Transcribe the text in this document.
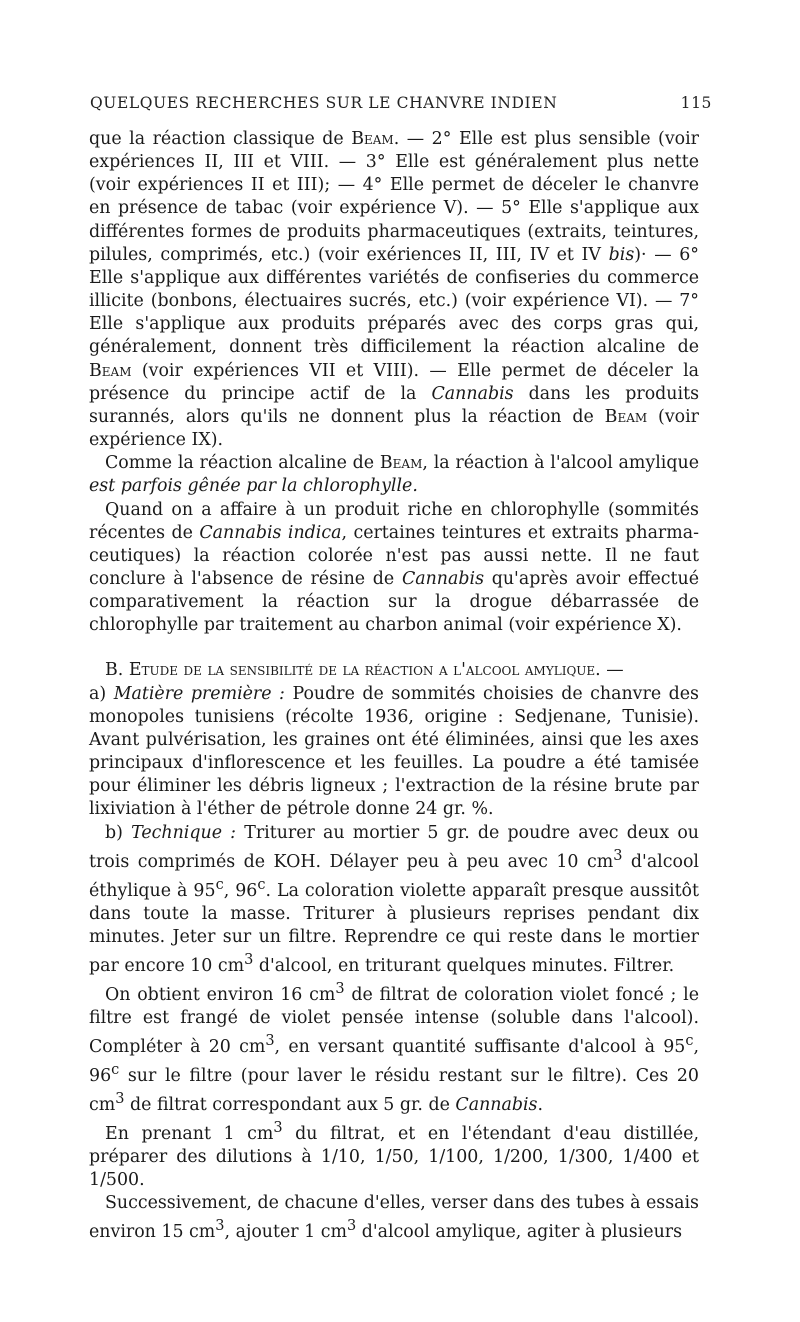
QUELQUES RECHERCHES SUR LE CHANVRE INDIEN	115

que la réaction classique de Beam. — 2° Elle est plus sensible (voir expériences II, III et VIII. — 3° Elle est généralement plus nette (voir expériences II et III); — 4° Elle permet de déceler le chanvre en présence de tabac (voir expérience V). — 5° Elle s'applique aux différentes formes de produits pharmaceutiques (extraits, teintures, pilules, comprimés, etc.) (voir exériences II, III, IV et IV bis)· — 6° Elle s'applique aux différentes variétés de confiseries du commerce illicite (bonbons, électuaires sucrés, etc.) (voir expérience VI). — 7° Elle s'applique aux produits préparés avec des corps gras qui, généralement, donnent très difficilement la réaction alcaline de Beam (voir expériences VII et VIII). — Elle permet de déceler la présence du principe actif de la Cannabis dans les produits surannés, alors qu'ils ne donnent plus la réaction de Beam (voir expérience IX).

Comme la réaction alcaline de Beam, la réaction à l'alcool amylique est parfois gênée par la chlorophylle.

Quand on a affaire à un produit riche en chlorophylle (sommités récentes de Cannabis indica, certaines teintures et extraits pharmaceutiques) la réaction colorée n'est pas aussi nette. Il ne faut conclure à l'absence de résine de Cannabis qu'après avoir effectué comparativement la réaction sur la drogue débarrassée de chlorophylle par traitement au charbon animal (voir expérience X).

B. Etude de la sensibilité de la réaction a l'alcool amylique. —
a) Matière première : Poudre de sommités choisies de chanvre des monopoles tunisiens (récolte 1936, origine : Sedjenane, Tunisie). Avant pulvérisation, les graines ont été éliminées, ainsi que les axes principaux d'inflorescence et les feuilles. La poudre a été tamisée pour éliminer les débris ligneux ; l'extraction de la résine brute par lixiviation à l'éther de pétrole donne 24 gr. %.

b) Technique : Triturer au mortier 5 gr. de poudre avec deux ou trois comprimés de KOH. Délayer peu à peu avec 10 $cm^3$ d'alcool éthylique à 95$^c$, 96$^c$. La coloration violette apparaît presque aussitôt dans toute la masse. Triturer à plusieurs reprises pendant dix minutes. Jeter sur un filtre. Reprendre ce qui reste dans le mortier par encore 10 $cm^3$ d'alcool, en triturant quelques minutes. Filtrer.

On obtient environ 16 $cm^3$ de filtrat de coloration violet foncé ; le filtre est frangé de violet pensée intense (soluble dans l'alcool). Compléter à 20 $cm^3$, en versant quantité suffisante d'alcool à 95$^c$, 96$^c$ sur le filtre (pour laver le résidu restant sur le filtre). Ces 20 $cm^3$ de filtrat correspondant aux 5 gr. de Cannabis.

En prenant 1 $cm^3$ du filtrat, et en l'étendant d'eau distillée, préparer des dilutions à 1/10, 1/50, 1/100, 1/200, 1/300, 1/400 et 1/500.

Successivement, de chacune d'elles, verser dans des tubes à essais environ 15 $cm^3$, ajouter 1 $cm^3$ d'alcool amylique, agiter à plusieurs
